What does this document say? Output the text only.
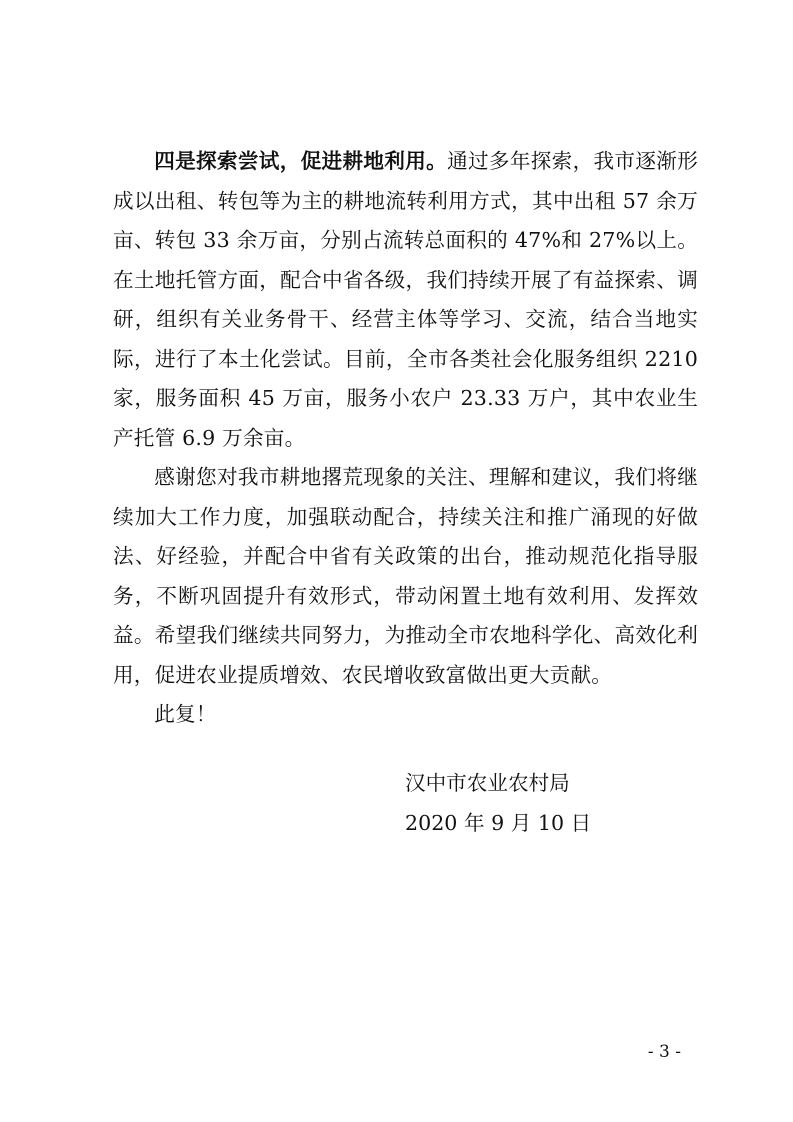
四是探索尝试，促进耕地利用。通过多年探索，我市逐渐形成以出租、转包等为主的耕地流转利用方式，其中出租 57 余万亩、转包 33 余万亩，分别占流转总面积的 47%和 27%以上。在土地托管方面，配合中省各级，我们持续开展了有益探索、调研，组织有关业务骨干、经营主体等学习、交流，结合当地实际，进行了本土化尝试。目前，全市各类社会化服务组织 2210 家，服务面积 45 万亩，服务小农户 23.33 万户，其中农业生产托管 6.9 万余亩。

感谢您对我市耕地撂荒现象的关注、理解和建议，我们将继续加大工作力度，加强联动配合，持续关注和推广涌现的好做法、好经验，并配合中省有关政策的出台，推动规范化指导服务，不断巩固提升有效形式，带动闲置土地有效利用、发挥效益。希望我们继续共同努力，为推动全市农地科学化、高效化利用，促进农业提质增效、农民增收致富做出更大贡献。

此复！

汉中市农业农村局
2020 年 9 月 10 日
- 3 -
